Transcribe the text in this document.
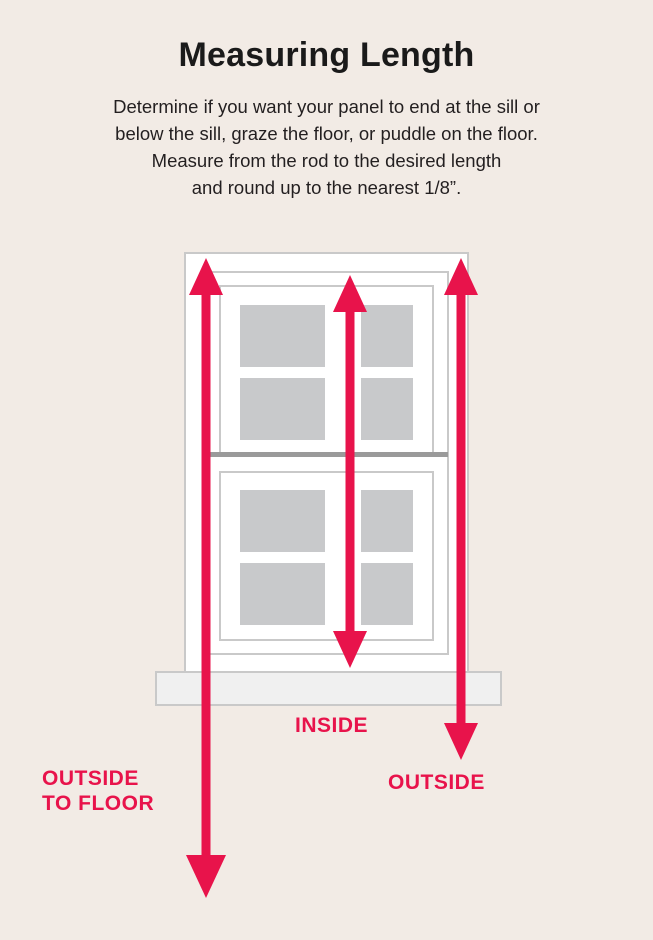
Measuring Length
Determine if you want your panel to end at the sill or
below the sill, graze the floor, or puddle on the floor.
Measure from the rod to the desired length
and round up to the nearest 1/8”.
INSIDE
OUTSIDE
OUTSIDE
TO FLOOR
